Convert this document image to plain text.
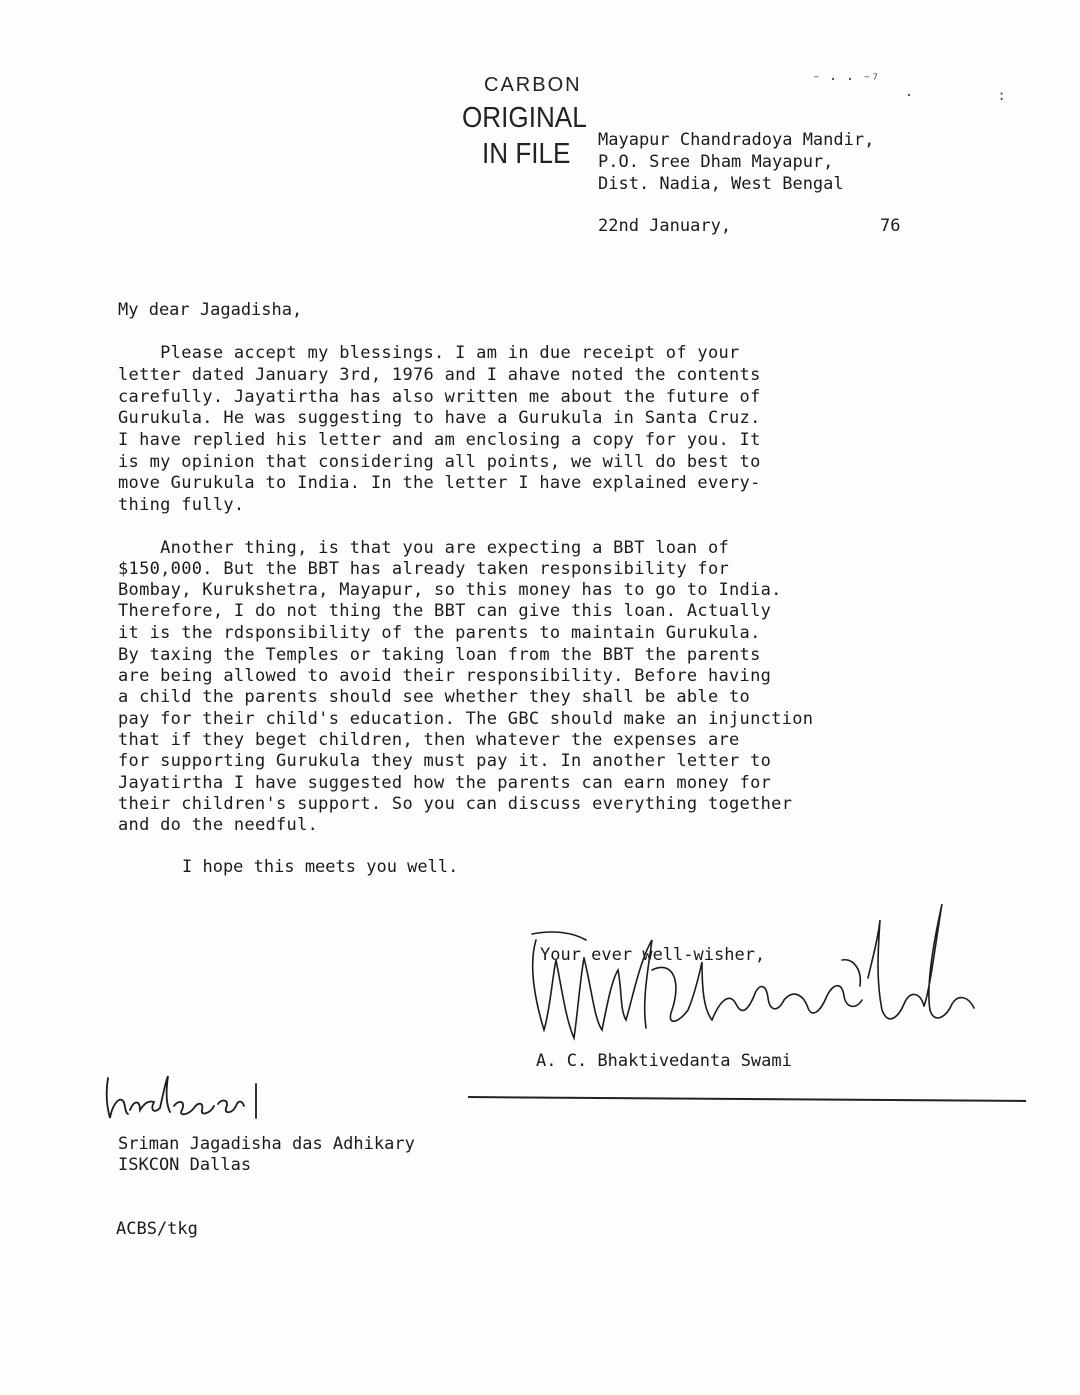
⁻ · · ⁻⁷
·          :
CARBON
ORIGINAL
IN FILE Mayapur Chandradoya Mandir,
P.O. Sree Dham Mayapur,
Dist. Nadia, West Bengal
22nd January,	76
My dear Jagadisha,
Please accept my blessings. I am in due receipt of your
letter dated January 3rd, 1976 and I ahave noted the contents
carefully. Jayatirtha has also written me about the future of
Gurukula. He was suggesting to have a Gurukula in Santa Cruz.
I have replied his letter and am enclosing a copy for you. It
is my opinion that considering all points, we will do best to
move Gurukula to India. In the letter I have explained every-
thing fully.
Another thing, is that you are expecting a BBT loan of
$150,000. But the BBT has already taken responsibility for
Bombay, Kurukshetra, Mayapur, so this money has to go to India.
Therefore, I do not thing the BBT can give this loan. Actually
it is the rdsponsibility of the parents to maintain Gurukula.
By taxing the Temples or taking loan from the BBT the parents
are being allowed to avoid their responsibility. Before having
a child the parents should see whether they shall be able to
pay for their child's education. The GBC should make an injunction
that if they beget children, then whatever the expenses are
for supporting Gurukula they must pay it. In another letter to
Jayatirtha I have suggested how the parents can earn money for
their children's support. So you can discuss everything together
and do the needful.
I hope this meets you well.
Your ever well-wisher,
A. C. Bhaktivedanta Swami
Sriman Jagadisha das Adhikary
ISKCON Dallas
ACBS/tkg
